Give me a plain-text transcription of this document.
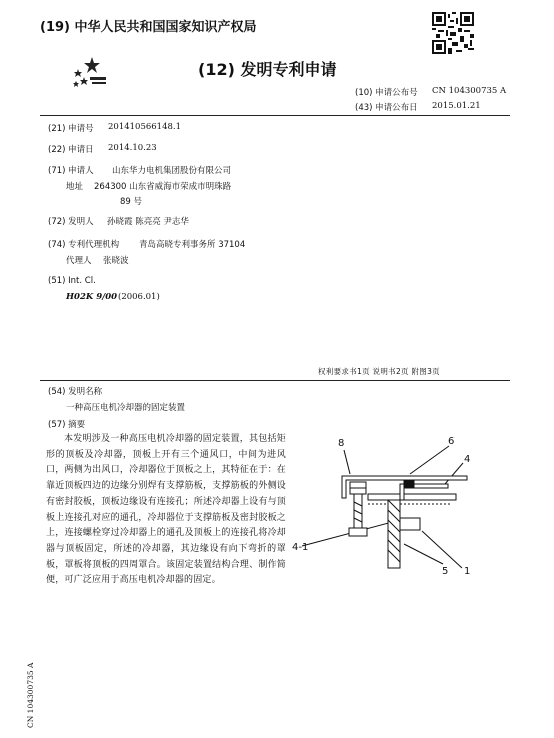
(19) 中华人民共和国国家知识产权局
(12) 发明专利申请
(10) 申请公布号 CN 104300735 A
(43) 申请公布日 2015.01.21
(21) 申请号 201410566148.1
(22) 申请日 2014.10.23
(71) 申请人 山东华力电机集团股份有限公司
地址 264300 山东省威海市荣成市明珠路
89 号
(72) 发明人 孙晓霞 陈亮亮 尹志华
(74) 专利代理机构 青岛高晓专利事务所 37104
代理人 张晓波
(51) Int. Cl.
H02K 9/00 (2006.01)
权利要求书1页 说明书2页 附图3页
(54) 发明名称
一种高压电机冷却器的固定装置
(57) 摘要
本发明涉及一种高压电机冷却器的固定装置，其包括矩形的顶板及冷却器，顶板上开有三个通风口，中间为进风口，两侧为出风口，冷却器位于顶板之上，其特征在于：在靠近顶板四边的边缘分别焊有支撑筋板，支撑筋板的外侧设有密封胶板，顶板边缘设有连接孔；所述冷却器上设有与顶板上连接孔对应的通孔，冷却器位于支撑筋板及密封胶板之上，连接螺栓穿过冷却器上的通孔及顶板上的连接孔将冷却器与顶板固定，所述的冷却器，其边缘设有向下弯折的罩板，罩板将顶板的四周罩合。该固定装置结构合理、制作简便，可广泛应用于高压电机冷却器的固定。
8	6
4
4-1
5 1
CN 104300735 A
